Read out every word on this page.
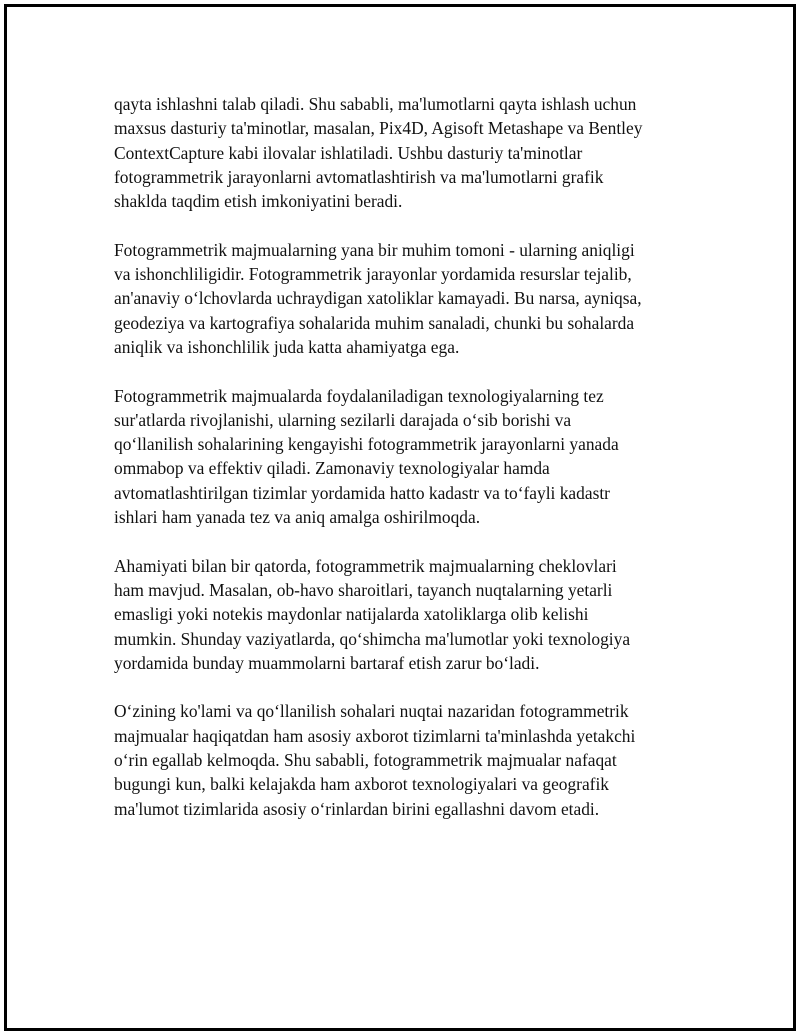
qayta ishlashni talab qiladi. Shu sababli, ma'lumotlarni qayta ishlash uchun
maxsus dasturiy ta'minotlar, masalan, Pix4D, Agisoft Metashape va Bentley
ContextCapture kabi ilovalar ishlatiladi. Ushbu dasturiy ta'minotlar
fotogrammetrik jarayonlarni avtomatlashtirish va ma'lumotlarni grafik
shaklda taqdim etish imkoniyatini beradi.
Fotogrammetrik majmualarning yana bir muhim tomoni - ularning aniqligi
va ishonchliligidir. Fotogrammetrik jarayonlar yordamida resurslar tejalib,
an'anaviy o‘lchovlarda uchraydigan xatoliklar kamayadi. Bu narsa, ayniqsa,
geodeziya va kartografiya sohalarida muhim sanaladi, chunki bu sohalarda
aniqlik va ishonchlilik juda katta ahamiyatga ega.
Fotogrammetrik majmualarda foydalaniladigan texnologiyalarning tez
sur'atlarda rivojlanishi, ularning sezilarli darajada o‘sib borishi va
qo‘llanilish sohalarining kengayishi fotogrammetrik jarayonlarni yanada
ommabop va effektiv qiladi. Zamonaviy texnologiyalar hamda
avtomatlashtirilgan tizimlar yordamida hatto kadastr va to‘fayli kadastr
ishlari ham yanada tez va aniq amalga oshirilmoqda.
Ahamiyati bilan bir qatorda, fotogrammetrik majmualarning cheklovlari
ham mavjud. Masalan, ob-havo sharoitlari, tayanch nuqtalarning yetarli
emasligi yoki notekis maydonlar natijalarda xatoliklarga olib kelishi
mumkin. Shunday vaziyatlarda, qo‘shimcha ma'lumotlar yoki texnologiya
yordamida bunday muammolarni bartaraf etish zarur bo‘ladi.
O‘zining ko'lami va qo‘llanilish sohalari nuqtai nazaridan fotogrammetrik
majmualar haqiqatdan ham asosiy axborot tizimlarni ta'minlashda yetakchi
o‘rin egallab kelmoqda. Shu sababli, fotogrammetrik majmualar nafaqat
bugungi kun, balki kelajakda ham axborot texnologiyalari va geografik
ma'lumot tizimlarida asosiy o‘rinlardan birini egallashni davom etadi.
